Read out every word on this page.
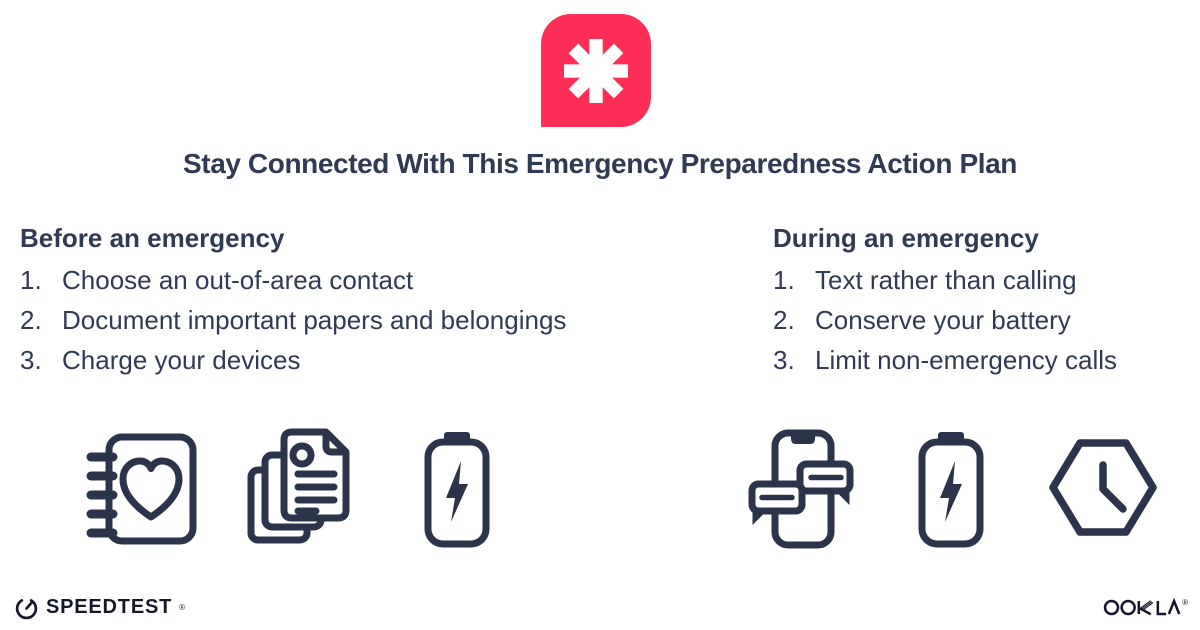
Stay Connected With This Emergency Preparedness Action Plan
Before an emergency
1. Choose an out-of-area contact
2. Document important papers and belongings
3. Charge your devices
During an emergency
1. Text rather than calling
2. Conserve your battery
3. Limit non-emergency calls
SPEEDTEST ®
®
